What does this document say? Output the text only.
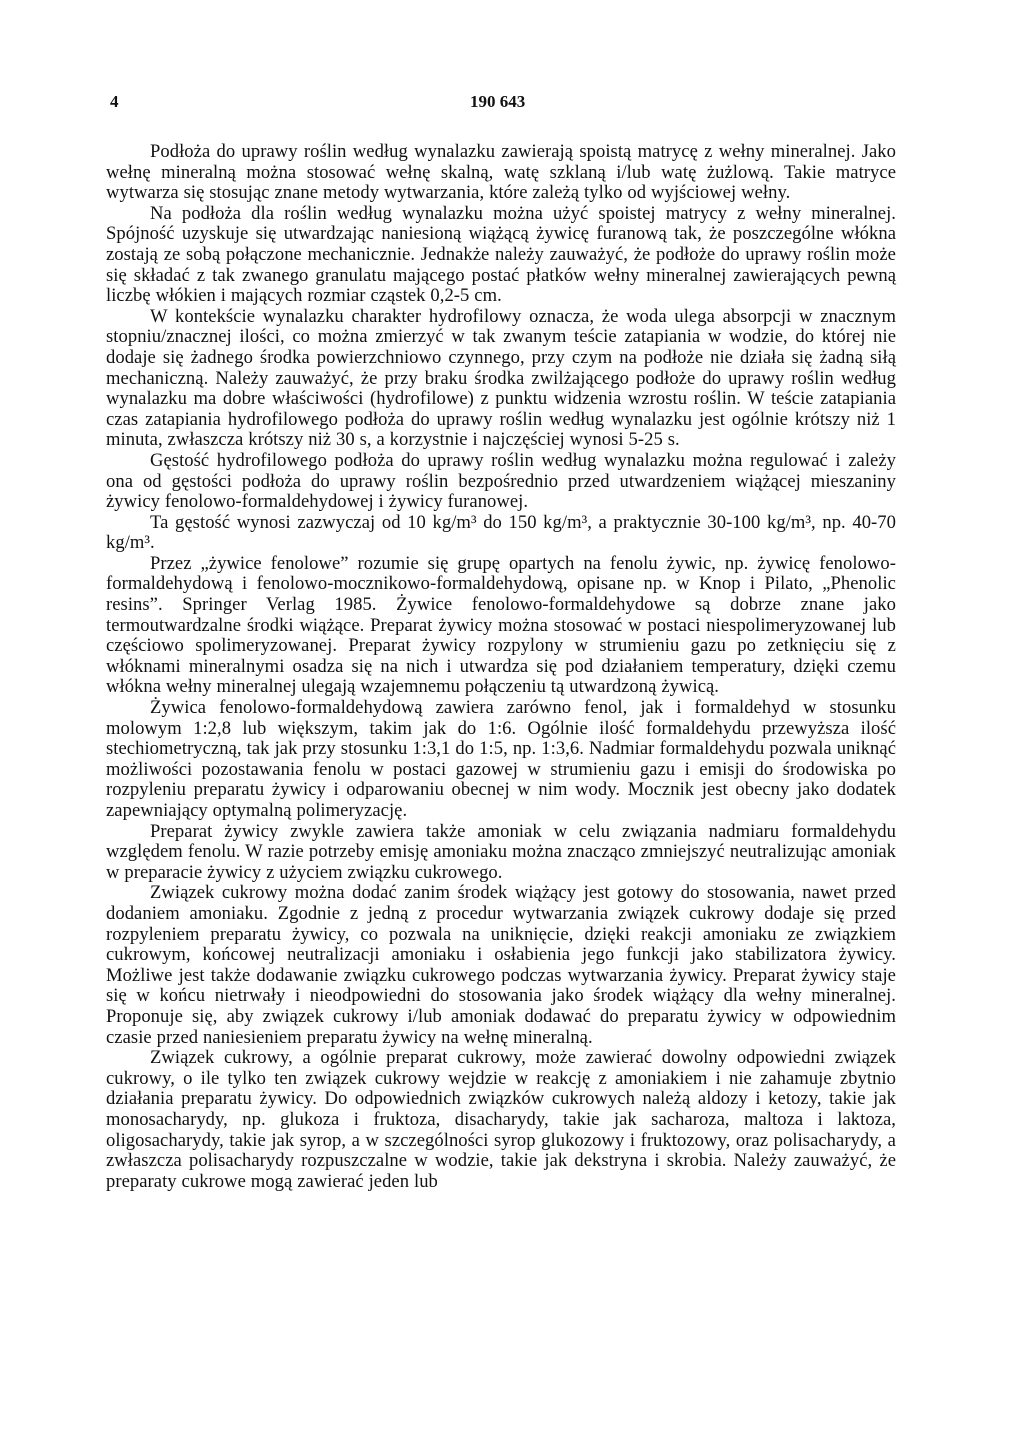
4	190 643

Podłoża do uprawy roślin według wynalazku zawierają spoistą matrycę z wełny mineralnej. Jako wełnę mineralną można stosować wełnę skalną, watę szklaną i/lub watę żużlową. Takie matryce wytwarza się stosując znane metody wytwarzania, które zależą tylko od wyjściowej wełny.

Na podłoża dla roślin według wynalazku można użyć spoistej matrycy z wełny mineralnej. Spójność uzyskuje się utwardzając naniesioną wiążącą żywicę furanową tak, że poszczególne włókna zostają ze sobą połączone mechanicznie. Jednakże należy zauważyć, że podłoże do uprawy roślin może się składać z tak zwanego granulatu mającego postać płatków wełny mineralnej zawierających pewną liczbę włókien i mających rozmiar cząstek 0,2-5 cm.

W kontekście wynalazku charakter hydrofilowy oznacza, że woda ulega absorpcji w znacznym stopniu/znacznej ilości, co można zmierzyć w tak zwanym teście zatapiania w wodzie, do której nie dodaje się żadnego środka powierzchniowo czynnego, przy czym na podłoże nie działa się żadną siłą mechaniczną. Należy zauważyć, że przy braku środka zwilżającego podłoże do uprawy roślin według wynalazku ma dobre właściwości (hydrofilowe) z punktu widzenia wzrostu roślin. W teście zatapiania czas zatapiania hydrofilowego podłoża do uprawy roślin według wynalazku jest ogólnie krótszy niż 1 minuta, zwłaszcza krótszy niż 30 s, a korzystnie i najczęściej wynosi 5-25 s.

Gęstość hydrofilowego podłoża do uprawy roślin według wynalazku można regulować i zależy ona od gęstości podłoża do uprawy roślin bezpośrednio przed utwardzeniem wiążącej mieszaniny żywicy fenolowo-formaldehydowej i żywicy furanowej.

Ta gęstość wynosi zazwyczaj od 10 kg/m³ do 150 kg/m³, a praktycznie 30-100 kg/m³, np. 40-70 kg/m³.

Przez „żywice fenolowe” rozumie się grupę opartych na fenolu żywic, np. żywicę fenolowo-formaldehydową i fenolowo-mocznikowo-formaldehydową, opisane np. w Knop i Pilato, „Phenolic resins”. Springer Verlag 1985. Żywice fenolowo-formaldehydowe są dobrze znane jako termoutwardzalne środki wiążące. Preparat żywicy można stosować w postaci niespolimeryzowanej lub częściowo spolimeryzowanej. Preparat żywicy rozpylony w strumieniu gazu po zetknięciu się z włóknami mineralnymi osadza się na nich i utwardza się pod działaniem temperatury, dzięki czemu włókna wełny mineralnej ulegają wzajemnemu połączeniu tą utwardzoną żywicą.

Żywica fenolowo-formaldehydową zawiera zarówno fenol, jak i formaldehyd w stosunku molowym 1:2,8 lub większym, takim jak do 1:6. Ogólnie ilość formaldehydu przewyższa ilość stechiometryczną, tak jak przy stosunku 1:3,1 do 1:5, np. 1:3,6. Nadmiar formaldehydu pozwala uniknąć możliwości pozostawania fenolu w postaci gazowej w strumieniu gazu i emisji do środowiska po rozpyleniu preparatu żywicy i odparowaniu obecnej w nim wody. Mocznik jest obecny jako dodatek zapewniający optymalną polimeryzację.

Preparat żywicy zwykle zawiera także amoniak w celu związania nadmiaru formaldehydu względem fenolu. W razie potrzeby emisję amoniaku można znacząco zmniejszyć neutralizując amoniak w preparacie żywicy z użyciem związku cukrowego.

Związek cukrowy można dodać zanim środek wiążący jest gotowy do stosowania, nawet przed dodaniem amoniaku. Zgodnie z jedną z procedur wytwarzania związek cukrowy dodaje się przed rozpyleniem preparatu żywicy, co pozwala na uniknięcie, dzięki reakcji amoniaku ze związkiem cukrowym, końcowej neutralizacji amoniaku i osłabienia jego funkcji jako stabilizatora żywicy. Możliwe jest także dodawanie związku cukrowego podczas wytwarzania żywicy. Preparat żywicy staje się w końcu nietrwały i nieodpowiedni do stosowania jako środek wiążący dla wełny mineralnej. Proponuje się, aby związek cukrowy i/lub amoniak dodawać do preparatu żywicy w odpowiednim czasie przed naniesieniem preparatu żywicy na wełnę mineralną.

Związek cukrowy, a ogólnie preparat cukrowy, może zawierać dowolny odpowiedni związek cukrowy, o ile tylko ten związek cukrowy wejdzie w reakcję z amoniakiem i nie zahamuje zbytnio działania preparatu żywicy. Do odpowiednich związków cukrowych należą aldozy i ketozy, takie jak monosacharydy, np. glukoza i fruktoza, disacharydy, takie jak sacharoza, maltoza i laktoza, oligosacharydy, takie jak syrop, a w szczególności syrop glukozowy i fruktozowy, oraz polisacharydy, a zwłaszcza polisacharydy rozpuszczalne w wodzie, takie jak dekstryna i skrobia. Należy zauważyć, że preparaty cukrowe mogą zawierać jeden lub
